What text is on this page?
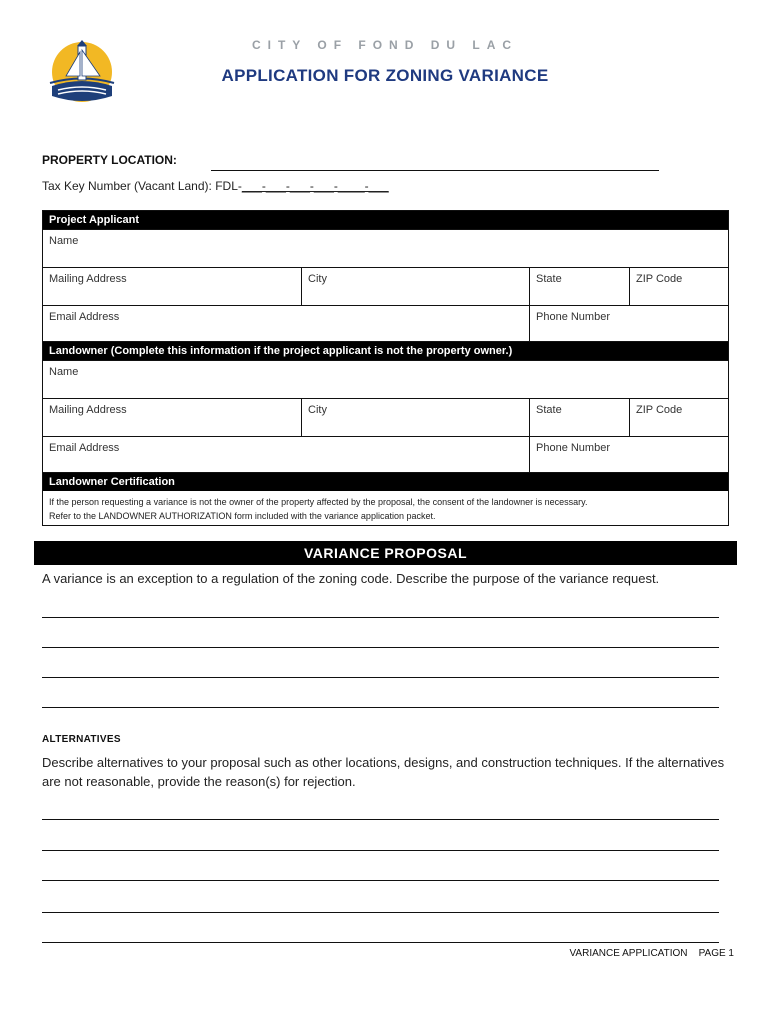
CITY OF FOND DU LAC
APPLICATION FOR ZONING VARIANCE
PROPERTY LOCATION:
Tax Key Number (Vacant Land): FDL-___-___-___-___-____-___
Project Applicant
Name
Mailing Address	City	State	ZIP Code
Email Address	Phone Number
Landowner (Complete this information if the project applicant is not the property owner.)
Name
Mailing Address	City	State	ZIP Code
Email Address	Phone Number
Landowner Certification
If the person requesting a variance is not the owner of the property affected by the proposal, the consent of the landowner is necessary.
Refer to the LANDOWNER AUTHORIZATION form included with the variance application packet.
VARIANCE PROPOSAL
A variance is an exception to a regulation of the zoning code. Describe the purpose of the variance request.
ALTERNATIVES
Describe alternatives to your proposal such as other locations, designs, and construction techniques. If the alternatives are not reasonable, provide the reason(s) for rejection.
VARIANCE APPLICATION    PAGE 1
